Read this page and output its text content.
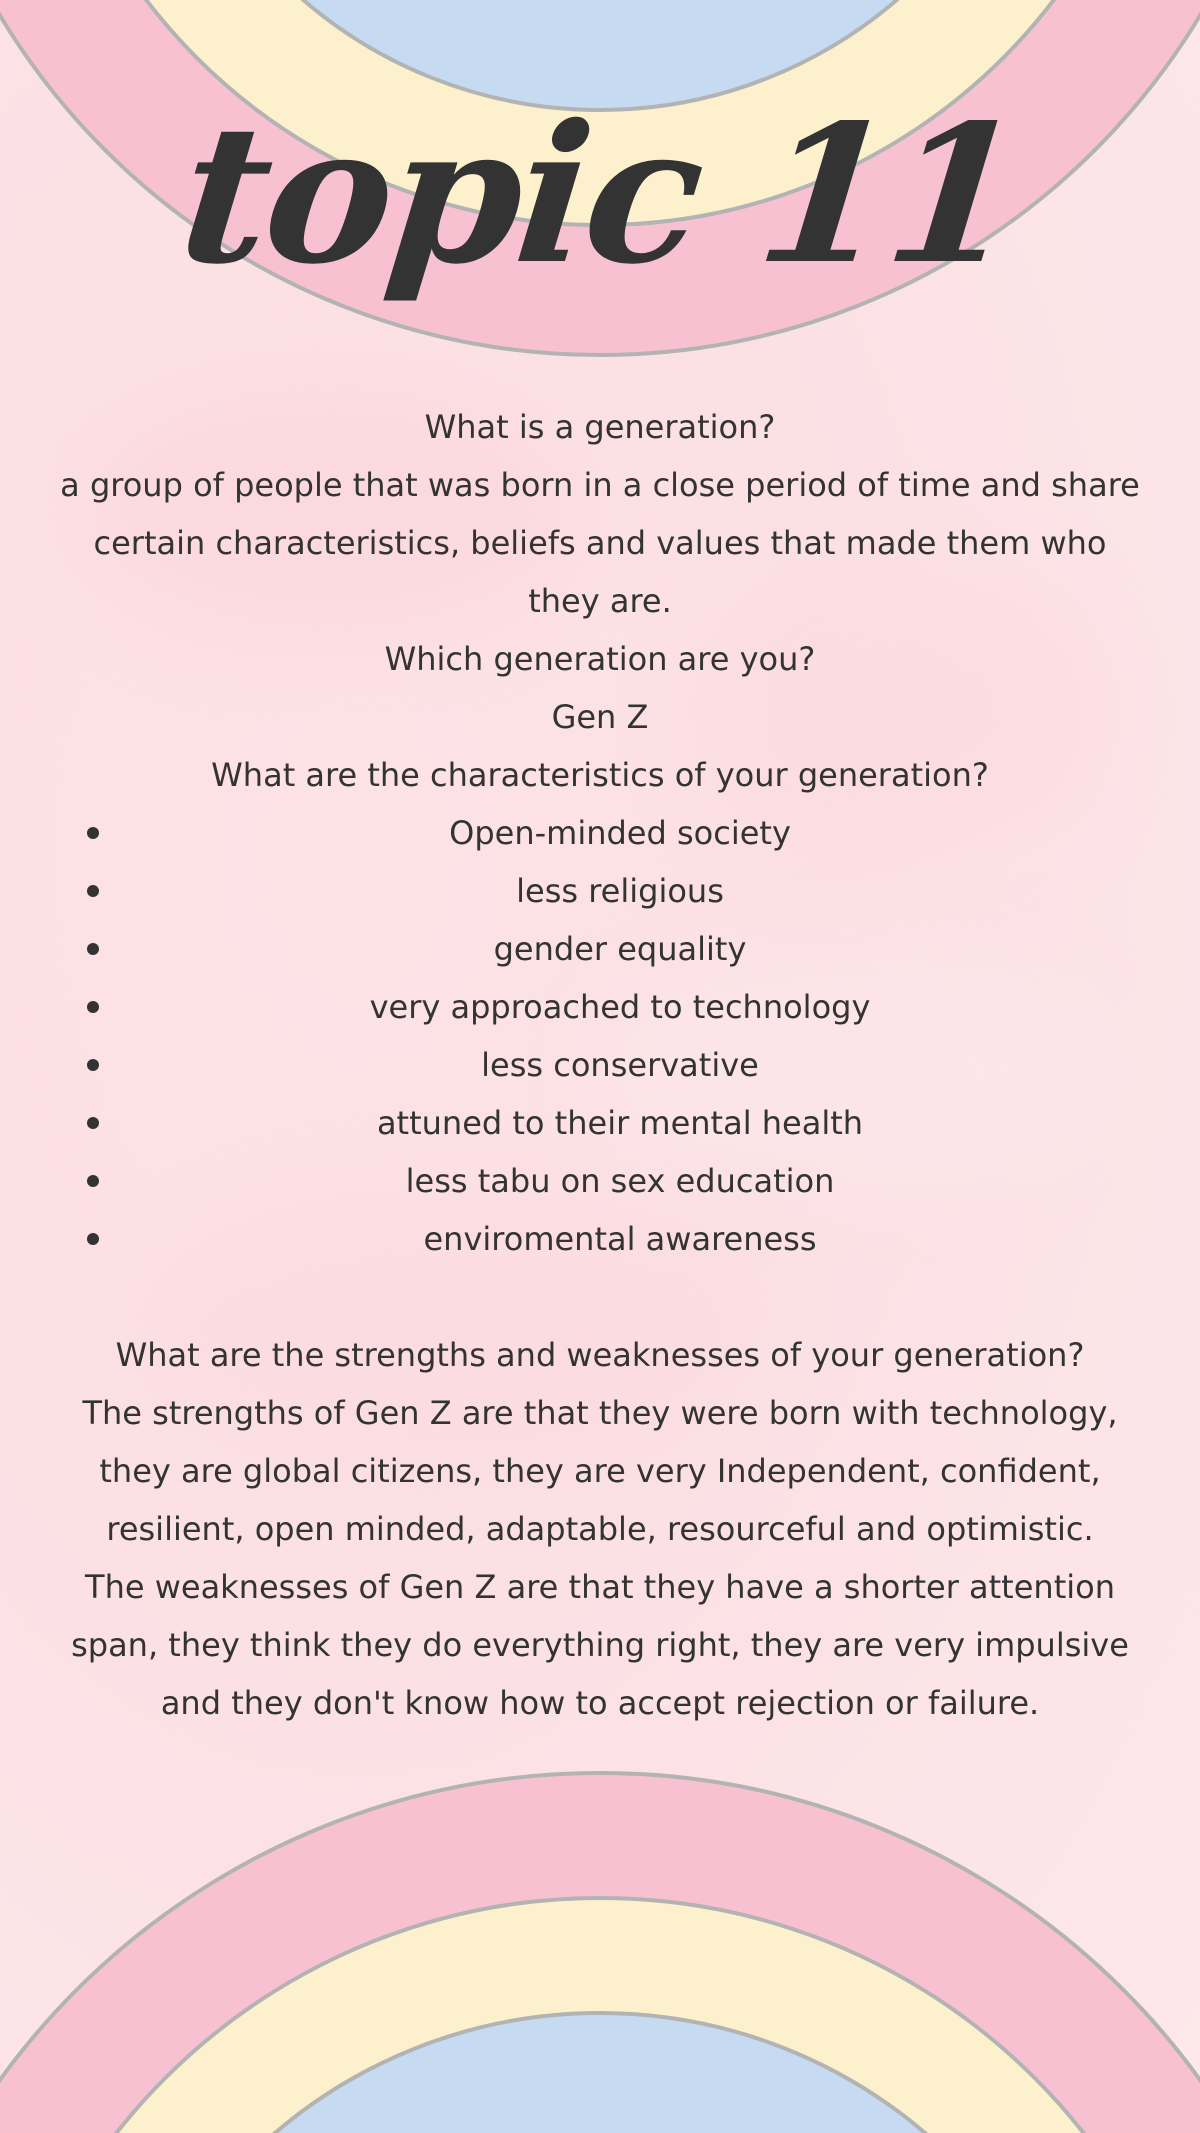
topic 11

What is a generation?

a group of people that was born in a close period of time and share certain characteristics, beliefs and values that made them who they are.

Which generation are you?

Gen Z

What are the characteristics of your generation?

Open-minded society
less religious
gender equality
very approached to technology
less conservative
attuned to their mental health
less tabu on sex education
enviromental awareness

What are the strengths and weaknesses of your generation?

The strengths of Gen Z are that they were born with technology, they are global citizens, they are very Independent, confident, resilient, open minded, adaptable, resourceful and optimistic.

The weaknesses of Gen Z are that they have a shorter attention span, they think they do everything right, they are very impulsive and they don't know how to accept rejection or failure.
